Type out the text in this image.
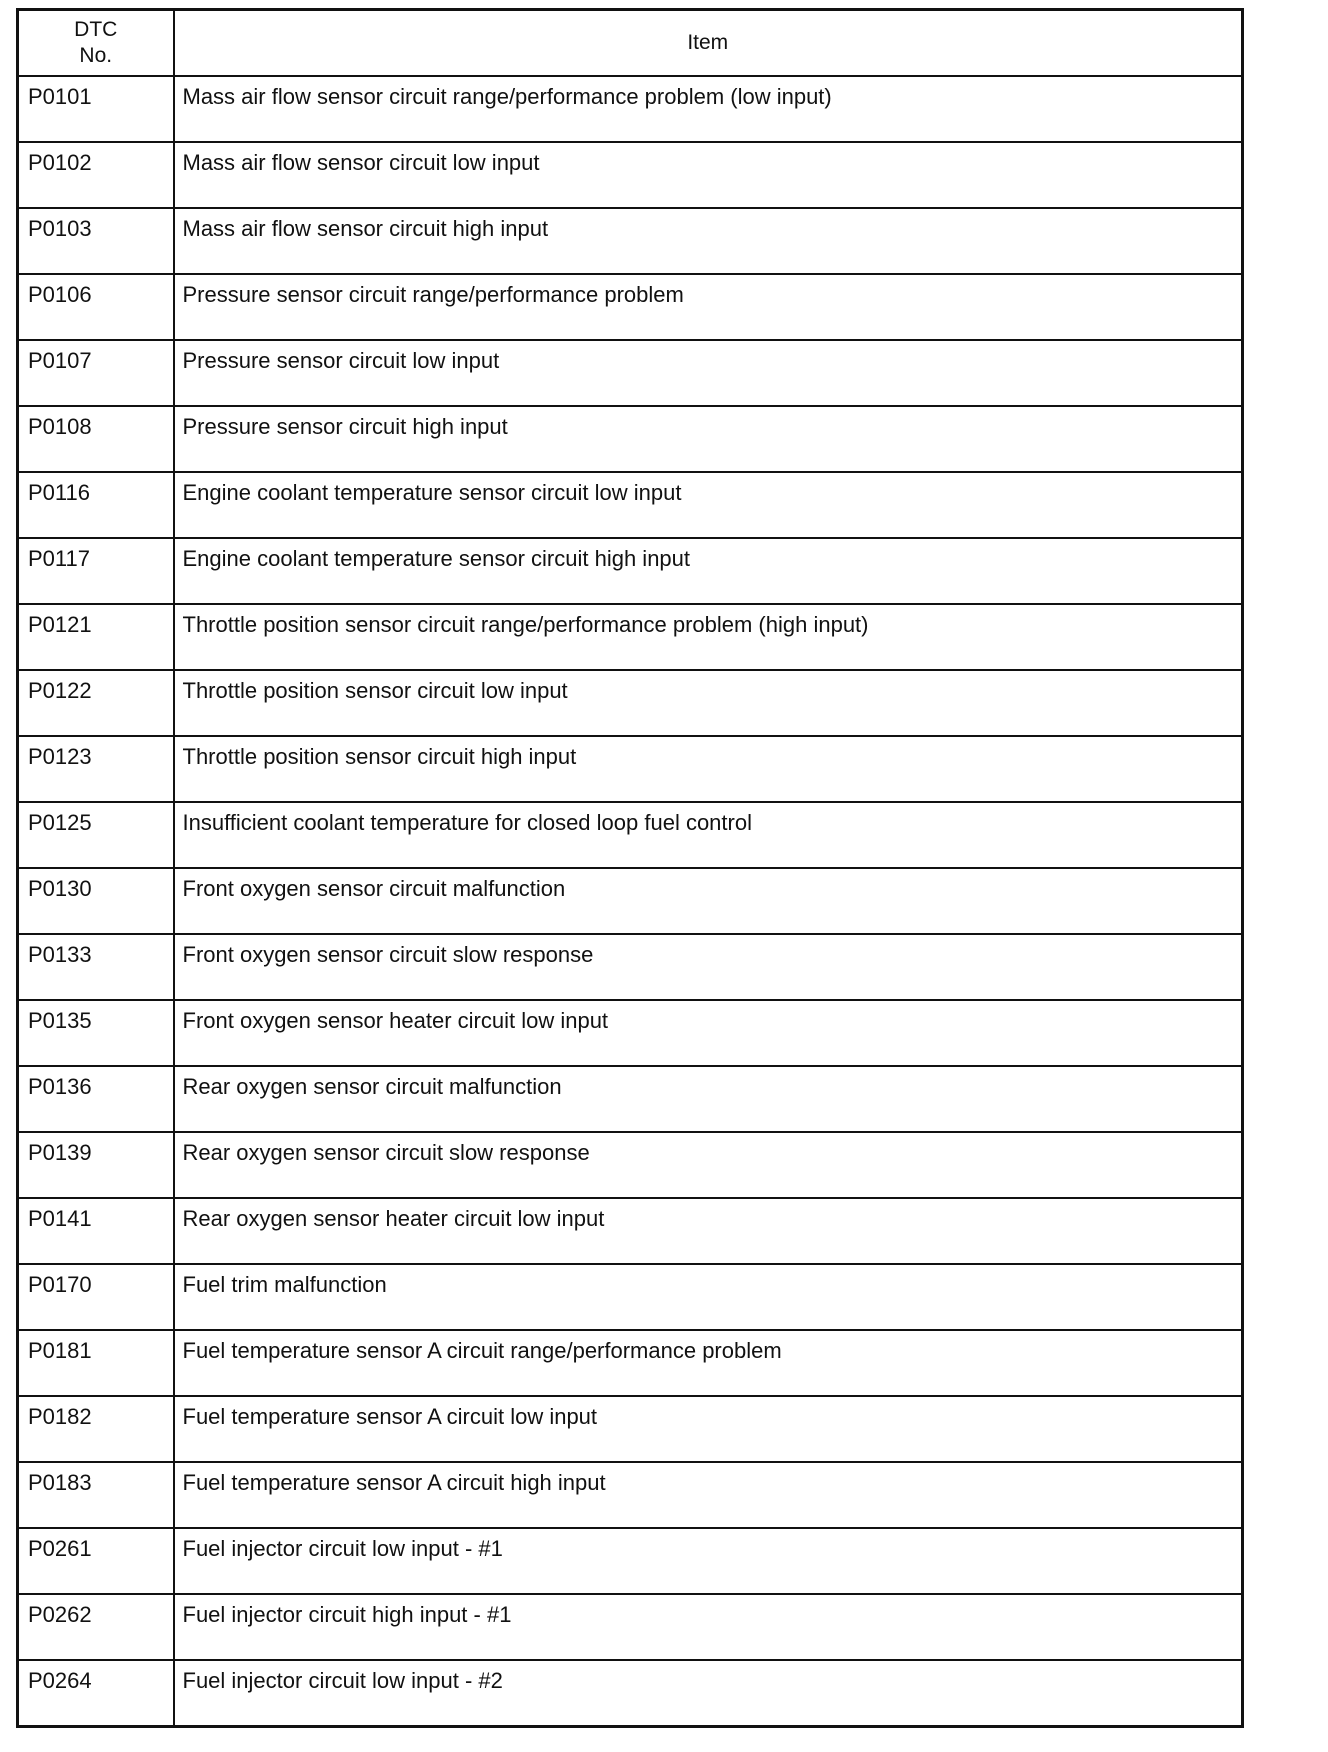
DTC
No.	Item
P0101	Mass air flow sensor circuit range/performance problem (low input)
P0102	Mass air flow sensor circuit low input
P0103	Mass air flow sensor circuit high input
P0106	Pressure sensor circuit range/performance problem
P0107	Pressure sensor circuit low input
P0108	Pressure sensor circuit high input
P0116	Engine coolant temperature sensor circuit low input
P0117	Engine coolant temperature sensor circuit high input
P0121	Throttle position sensor circuit range/performance problem (high input)
P0122	Throttle position sensor circuit low input
P0123	Throttle position sensor circuit high input
P0125	Insufficient coolant temperature for closed loop fuel control
P0130	Front oxygen sensor circuit malfunction
P0133	Front oxygen sensor circuit slow response
P0135	Front oxygen sensor heater circuit low input
P0136	Rear oxygen sensor circuit malfunction
P0139	Rear oxygen sensor circuit slow response
P0141	Rear oxygen sensor heater circuit low input
P0170	Fuel trim malfunction
P0181	Fuel temperature sensor A circuit range/performance problem
P0182	Fuel temperature sensor A circuit low input
P0183	Fuel temperature sensor A circuit high input
P0261	Fuel injector circuit low input - #1
P0262	Fuel injector circuit high input - #1
P0264	Fuel injector circuit low input - #2
